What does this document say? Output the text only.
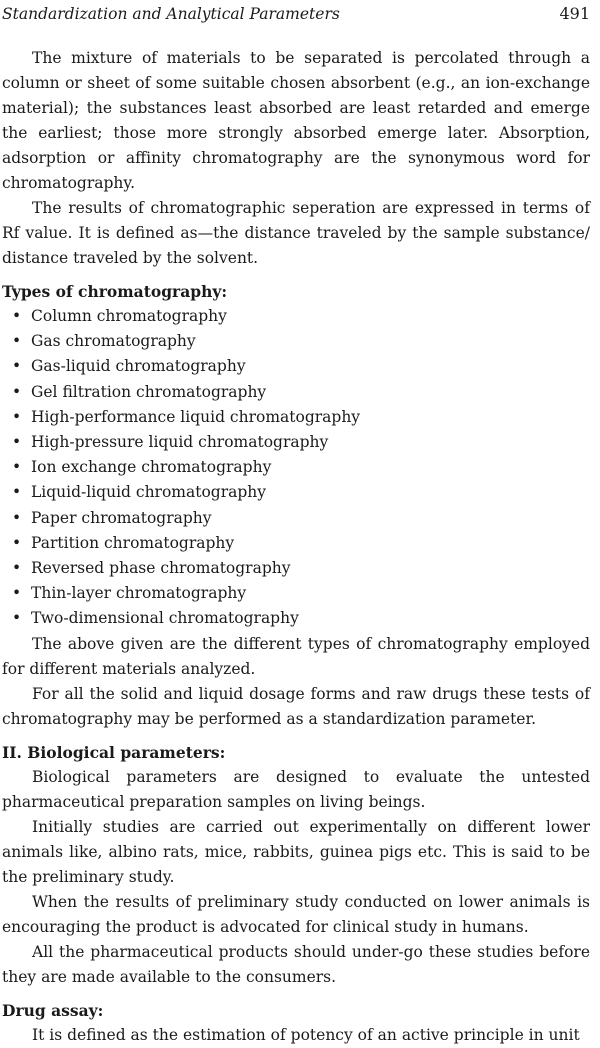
Standardization and Analytical Parameters	491

The mixture of materials to be separated is percolated through a column or sheet of some suitable chosen absorbent (e.g., an ion-exchange material); the substances least absorbed are least retarded and emerge the earliest; those more strongly absorbed emerge later. Absorption, adsorption or affinity chromatography are the synonymous word for chromatography.

The results of chromatographic seperation are expressed in terms of Rf value. It is defined as—the distance traveled by the sample substance/ distance traveled by the solvent.

Types of chromatography:
• Column chromatography
• Gas chromatography
• Gas-liquid chromatography
• Gel filtration chromatography
• High-performance liquid chromatography
• High-pressure liquid chromatography
• Ion exchange chromatography
• Liquid-liquid chromatography
• Paper chromatography
• Partition chromatography
• Reversed phase chromatography
• Thin-layer chromatography
• Two-dimensional chromatography

The above given are the different types of chromatography employed for different materials analyzed.

For all the solid and liquid dosage forms and raw drugs these tests of chromatography may be performed as a standardization parameter.

II. Biological parameters:

Biological parameters are designed to evaluate the untested pharmaceutical preparation samples on living beings.

Initially studies are carried out experimentally on different lower animals like, albino rats, mice, rabbits, guinea pigs etc. This is said to be the preliminary study.

When the results of preliminary study conducted on lower animals is encouraging the product is advocated for clinical study in humans.

All the pharmaceutical products should under-go these studies before they are made available to the consumers.

Drug assay:

It is defined as the estimation of potency of an active principle in unit
